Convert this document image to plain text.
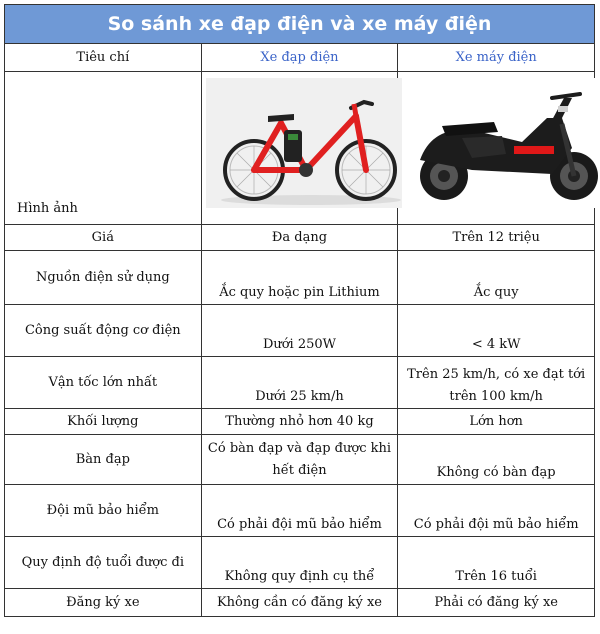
So sánh xe đạp điện và xe máy điện		
Tiêu chí	Xe đạp điện	Xe máy điện

Hình ảnh

Giá	Đa dạng	Trên 12 triệu
Nguồn điện sử dụng	Ắc quy hoặc pin Lithium	Ắc quy
Công suất động cơ điện	Dưới 250W	< 4 kW
Vận tốc lớn nhất	Dưới 25 km/h	Trên 25 km/h, có xe đạt tới trên 100 km/h
Khối lượng	Thường nhỏ hơn 40 kg	Lớn hơn
Bàn đạp	Có bàn đạp và đạp được khi hết điện	Không có bàn đạp
Đội mũ bảo hiểm	Có phải đội mũ bảo hiểm	Có phải đội mũ bảo hiểm
Quy định độ tuổi được đi	Không quy định cụ thể	Trên 16 tuổi
Đăng ký xe	Không cần có đăng ký xe	Phải có đăng ký xe
